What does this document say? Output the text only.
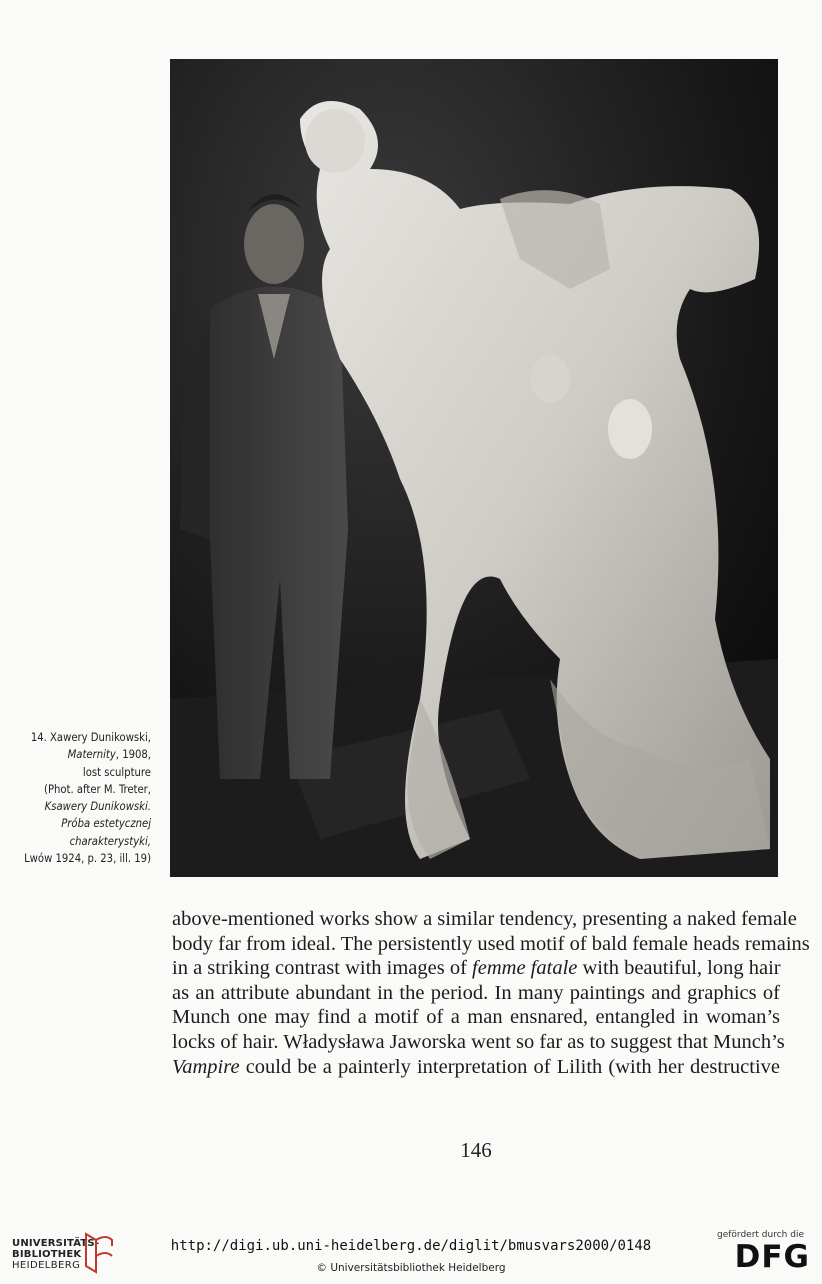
14. Xawery Dunikowski,
Maternity, 1908,
lost sculpture
(Phot. after M. Treter,
Ksawery Dunikowski.
Próba estetycznej
charakterystyki,
Lwów 1924, p. 23, ill. 19)
above-mentioned works show a similar tendency, presenting a naked female
body far from ideal. The persistently used motif of bald female heads remains
in a striking contrast with images of femme fatale with beautiful, long hair
as an attribute abundant in the period. In many paintings and graphics of
Munch one may find a motif of a man ensnared, entangled in woman’s
locks of hair. Władysława Jaworska went so far as to suggest that Munch’s
Vampire could be a painterly interpretation of Lilith (with her destructive
146
UNIVERSITÄTS-
BIBLIOTHEK
HEIDELBERG
http://digi.ub.uni-heidelberg.de/diglit/bmusvars2000/0148
© Universitätsbibliothek Heidelberg
gefördert durch die
DFG
